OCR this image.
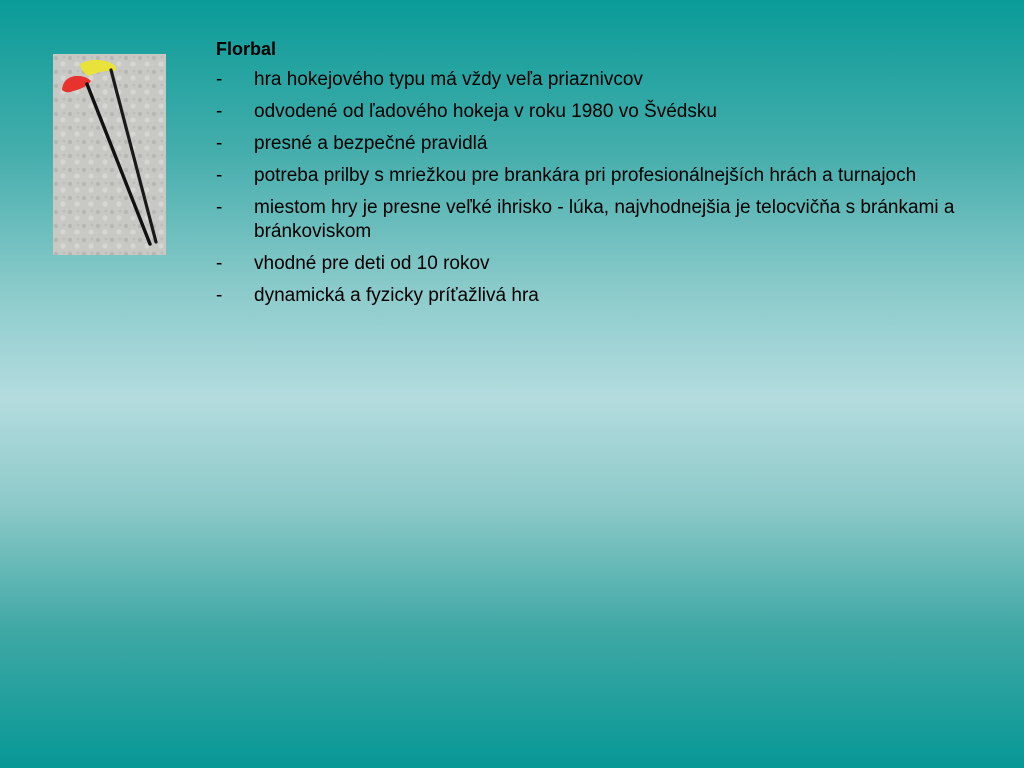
Florbal
-	hra hokejového typu má vždy veľa priaznivcov
-	odvodené od ľadového hokeja v roku 1980 vo Švédsku
-	presné a bezpečné pravidlá
-	potreba prilby s mriežkou pre brankára pri profesionálnejších hrách a turnajoch
-	miestom hry je presne veľké ihrisko - lúka, najvhodnejšia je telocvičňa s bránkami a bránkoviskom
-	vhodné pre deti od 10 rokov
-	dynamická a fyzicky príťažlivá hra
